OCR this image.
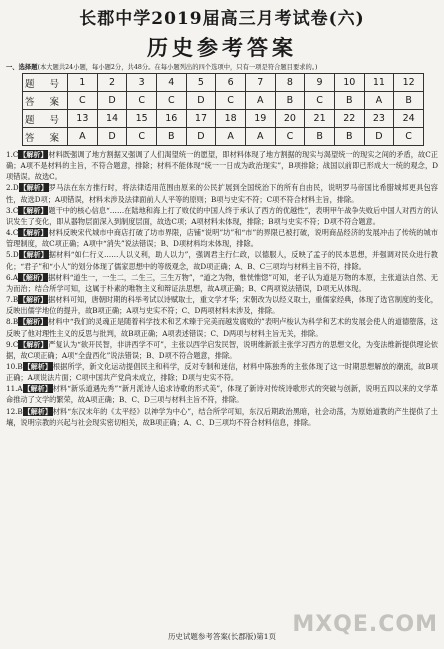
长郡中学2019届高三月考试卷(六)
历史参考答案
一、选择题(本大题共24小题，每小题2分，共48分。在每小题列出的四个选项中，只有一项是符合题目要求的。)
题 号	1	2	3	4	5	6	7	8	9	10	11	12
答 案	C	D	C	C	D	C	A	B	C	B	A	B
题 号	13	14	15	16	17	18	19	20	21	22	23	24
答 案	A	D	C	B	D	A	A	C	B	B	D	C

1.C【解析】材料既强调了地方割据又强调了人们渴望统一的愿望，即材料体现了地方割据的现实与渴望统一的现实之间的矛盾，故C正确；A项不是材料的主旨，不符合题意，排除；材料不能体现“统一一日成为政治现实”，B项排除；战国以前即已形成大一统的观念，D项错误。故选C。

2.D【解析】罗马法在东方推行时，将法律适用范围由原来的公民扩展到全国统治下的所有自由民，说明罗马帝国比希腊城邦更具包容性，故选D项；A项错误，材料未涉及法律面前人人平等的原则；B项与史实不符；C项不符合材料主旨，排除。

3.C【解析】题干中的核心信息“……在陆地和海上打了败仗的中国人终于承认了西方的优越性”，表明甲午战争失败后中国人对西方的认识发生了变化，即从器物层面深入到制度层面，故选C项；A项材料未体现，排除；B项与史实不符；D项不符合题意。

4.C【解析】材料反映宋代城市中商店打破了坊市界限，店铺“说明”坊”和“市”的界限已被打破，说明商品经济的发展冲击了传统的城市管理制度，故C项正确；A项中“消失”说法错误；B、D项材料均未体现，排除。

5.D【解析】据材料“如仁行义……人以义利，助人以力”，强调君主行仁政，以德服人，反映了孟子的民本思想，并强调对民众进行教化；“君子”和“小人”的划分体现了儒家思想中的等级观念，故D项正确；A、B、C三项均与材料主旨不符，排除。

6.A【解析】据材料“道生一，一生二，二生三，三生万物”，“道之为物，惟恍惟惚”可知，老子认为道是万物的本原，主张道法自然、无为而治；结合所学可知，这属于朴素的唯物主义和辩证法思想，故A项正确；B、C两项说法错误，D项无从体现。

7.B【解析】据材料可知，唐朝时期的科举考试以诗赋取士，重文学才华；宋朝改为以经义取士，重儒家经典，体现了选官制度的变化，反映出儒学地位的提升，故B项正确；A项与史实不符；C、D两项材料未涉及，排除。

8.B【解析】材料中“我们的灵魂正是随着科学技术和艺术臻于完美而越发腐败的”表明卢梭认为科学和艺术的发展会使人的道德堕落，这反映了他对理性主义的反思与批判，故B项正确；A项表述错误；C、D两项与材料主旨无关，排除。

9.C【解析】严复认为“欲开民智，非讲西学不可”，主张以西学启发民智，说明维新派主张学习西方的思想文化，为变法维新提供理论依据，故C项正确；A项“全盘西化”说法错误；B、D项不符合题意，排除。

10.B【解析】根据所学，新文化运动提倡民主和科学，反对专制和迷信，材料中陈独秀的主张体现了这一时期思想解放的潮流，故B项正确；A项说法片面；C项中国共产党尚未成立，排除；D项与史实不符。

11.A【解析】材料“新乐道遇先秀”“新月派诗人追求诗歌的形式美”，体现了新诗对传统诗歌形式的突破与创新，说明五四以来的文学革命推动了文学的繁荣，故A项正确；B、C、D三项与材料主旨不符，排除。

12.B【解析】材料“东汉末年的《太平经》以神学为中心”，结合所学可知，东汉后期政治黑暗，社会动荡，为原始道教的产生提供了土壤，说明宗教的兴起与社会现实密切相关，故B项正确；A、C、D三项均不符合材料信息，排除。

历史试题参考答案(长郡版)第1页 MXQE.COM
